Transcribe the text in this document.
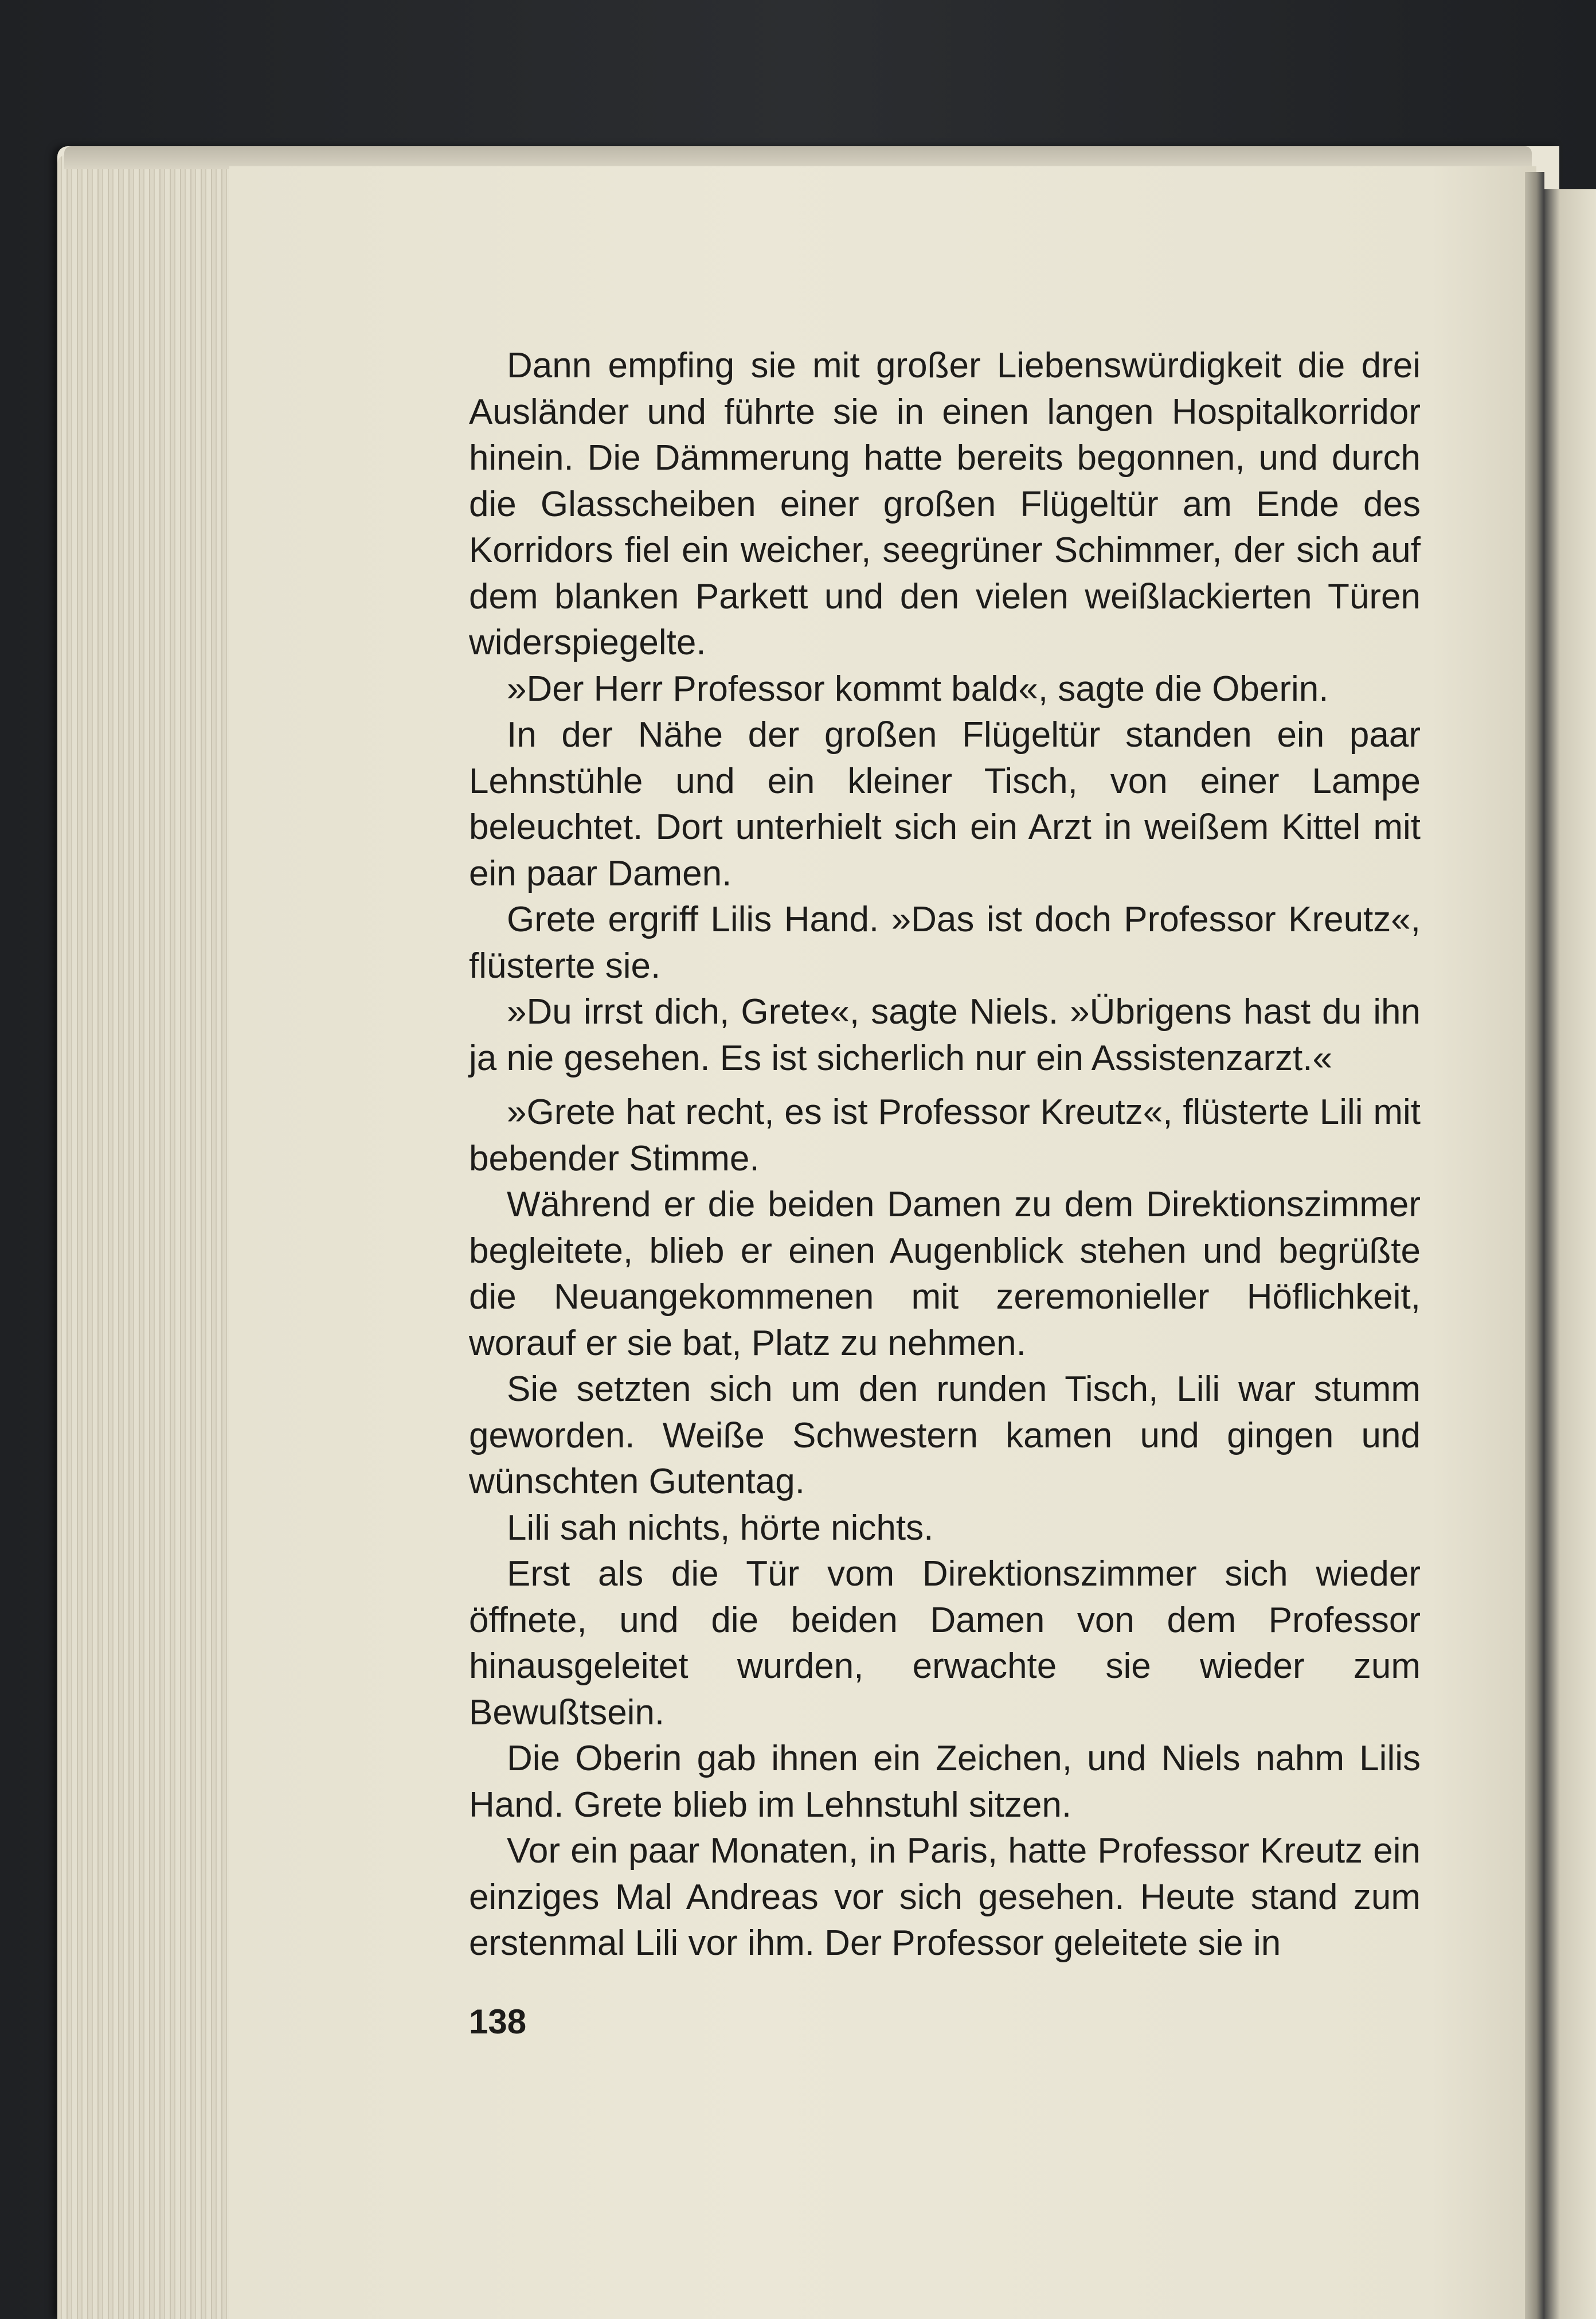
Dann empfing sie mit großer Liebenswürdigkeit die drei Ausländer und führte sie in einen langen Hospitalkorridor hinein. Die Dämmerung hatte bereits begonnen, und durch die Glasscheiben einer großen Flügeltür am Ende des Korridors fiel ein weicher, seegrüner Schimmer, der sich auf dem blanken Parkett und den vielen weißlackierten Türen widerspiegelte.

»Der Herr Professor kommt bald«, sagte die Oberin.

In der Nähe der großen Flügeltür standen ein paar Lehnstühle und ein kleiner Tisch, von einer Lampe beleuchtet. Dort unterhielt sich ein Arzt in weißem Kittel mit ein paar Damen.

Grete ergriff Lilis Hand. »Das ist doch Professor Kreutz«, flüsterte sie.

»Du irrst dich, Grete«, sagte Niels. »Übrigens hast du ihn ja nie gesehen. Es ist sicherlich nur ein Assistenzarzt.«

»Grete hat recht, es ist Professor Kreutz«, flüsterte Lili mit bebender Stimme.

Während er die beiden Damen zu dem Direktionszimmer begleitete, blieb er einen Augenblick stehen und begrüßte die Neuangekommenen mit zeremonieller Höflichkeit, worauf er sie bat, Platz zu nehmen.

Sie setzten sich um den runden Tisch, Lili war stumm geworden. Weiße Schwestern kamen und gingen und wünschten Gutentag.

Lili sah nichts, hörte nichts.

Erst als die Tür vom Direktionszimmer sich wieder öffnete, und die beiden Damen von dem Professor hinausgeleitet wurden, erwachte sie wieder zum Bewußtsein.

Die Oberin gab ihnen ein Zeichen, und Niels nahm Lilis Hand. Grete blieb im Lehnstuhl sitzen.

Vor ein paar Monaten, in Paris, hatte Professor Kreutz ein einziges Mal Andreas vor sich gesehen. Heute stand zum erstenmal Lili vor ihm. Der Professor geleitete sie in

138
